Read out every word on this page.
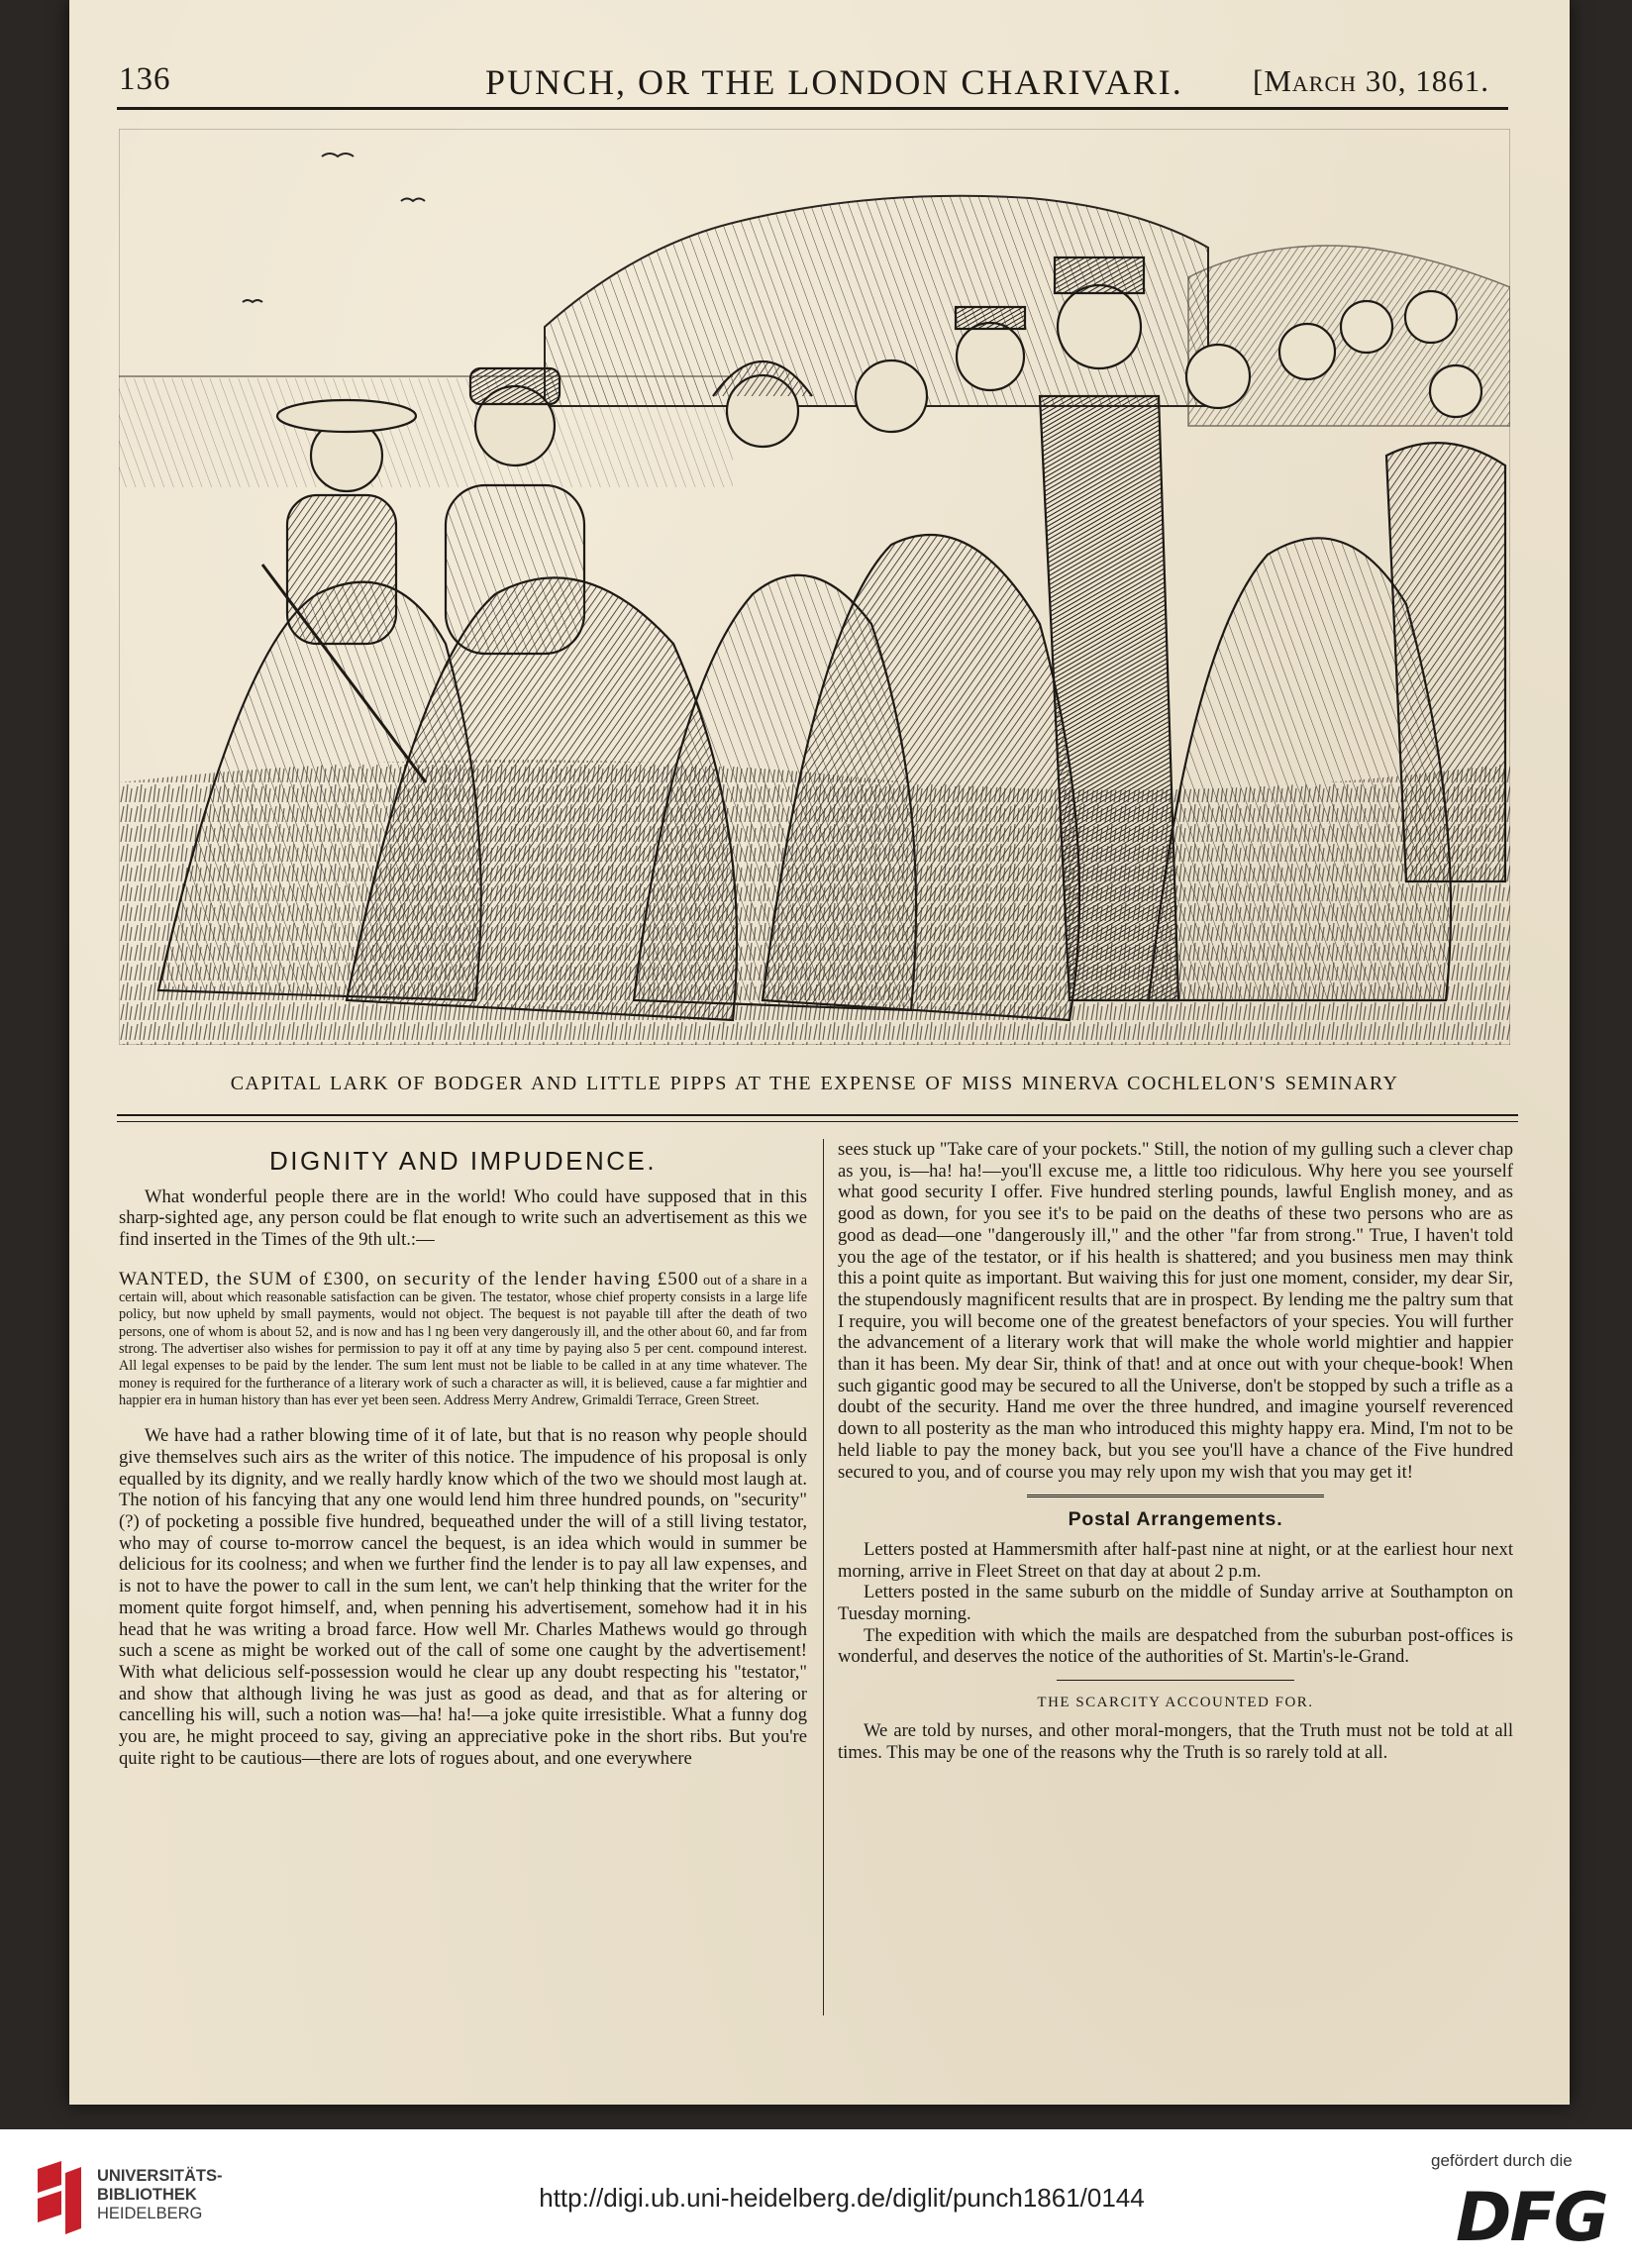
136	PUNCH, OR THE LONDON CHARIVARI. [March 30, 1861.
CAPITAL LARK OF BODGER AND LITTLE PIPPS AT THE EXPENSE OF MISS MINERVA COCHLELON'S SEMINARY
DIGNITY AND IMPUDENCE.

What wonderful people there are in the world! Who could have supposed that in this sharp-sighted age, any person could be flat enough to write such an advertisement as this we find inserted in the Times of the 9th ult.:—

WANTED, the SUM of £300, on security of the lender having £500 out of a share in a certain will, about which reasonable satisfaction can be given. The testator, whose chief property consists in a large life policy, but now upheld by small payments, would not object. The bequest is not payable till after the death of two persons, one of whom is about 52, and is now and has l ng been very dangerously ill, and the other about 60, and far from strong. The advertiser also wishes for permission to pay it off at any time by paying also 5 per cent. compound interest. All legal expenses to be paid by the lender. The sum lent must not be liable to be called in at any time whatever. The money is required for the furtherance of a literary work of such a character as will, it is believed, cause a far mightier and happier era in human history than has ever yet been seen. Address Merry Andrew, Grimaldi Terrace, Green Street.

We have had a rather blowing time of it of late, but that is no reason why people should give themselves such airs as the writer of this notice. The impudence of his proposal is only equalled by its dignity, and we really hardly know which of the two we should most laugh at. The notion of his fancying that any one would lend him three hundred pounds, on "security" (?) of pocketing a possible five hundred, bequeathed under the will of a still living testator, who may of course to-morrow cancel the bequest, is an idea which would in summer be delicious for its coolness; and when we further find the lender is to pay all law expenses, and is not to have the power to call in the sum lent, we can't help thinking that the writer for the moment quite forgot himself, and, when penning his advertisement, somehow had it in his head that he was writing a broad farce. How well Mr. Charles Mathews would go through such a scene as might be worked out of the call of some one caught by the advertisement! With what delicious self-possession would he clear up any doubt respecting his "testator," and show that although living he was just as good as dead, and that as for altering or cancelling his will, such a notion was—ha! ha!—a joke quite irresistible. What a funny dog you are, he might proceed to say, giving an appreciative poke in the short ribs. But you're quite right to be cautious—there are lots of rogues about, and one everywhere

sees stuck up "Take care of your pockets." Still, the notion of my gulling such a clever chap as you, is—ha! ha!—you'll excuse me, a little too ridiculous. Why here you see yourself what good security I offer. Five hundred sterling pounds, lawful English money, and as good as down, for you see it's to be paid on the deaths of these two persons who are as good as dead—one "dangerously ill," and the other "far from strong." True, I haven't told you the age of the testator, or if his health is shattered; and you business men may think this a point quite as important. But waiving this for just one moment, consider, my dear Sir, the stupendously magnificent results that are in prospect. By lending me the paltry sum that I require, you will become one of the greatest benefactors of your species. You will further the advancement of a literary work that will make the whole world mightier and happier than it has been. My dear Sir, think of that! and at once out with your cheque-book! When such gigantic good may be secured to all the Universe, don't be stopped by such a trifle as a doubt of the security. Hand me over the three hundred, and imagine yourself reverenced down to all posterity as the man who introduced this mighty happy era. Mind, I'm not to be held liable to pay the money back, but you see you'll have a chance of the Five hundred secured to you, and of course you may rely upon my wish that you may get it!

Postal Arrangements.

Letters posted at Hammersmith after half-past nine at night, or at the earliest hour next morning, arrive in Fleet Street on that day at about 2 p.m.

Letters posted in the same suburb on the middle of Sunday arrive at Southampton on Tuesday morning.

The expedition with which the mails are despatched from the suburban post-offices is wonderful, and deserves the notice of the authorities of St. Martin's-le-Grand.

THE SCARCITY ACCOUNTED FOR.

We are told by nurses, and other moral-mongers, that the Truth must not be told at all times. This may be one of the reasons why the Truth is so rarely told at all.

UNIVERSITÄTS-
BIBLIOTHEK
HEIDELBERG
http://digi.ub.uni-heidelberg.de/diglit/punch1861/0144
gefördert durch die
DFG
